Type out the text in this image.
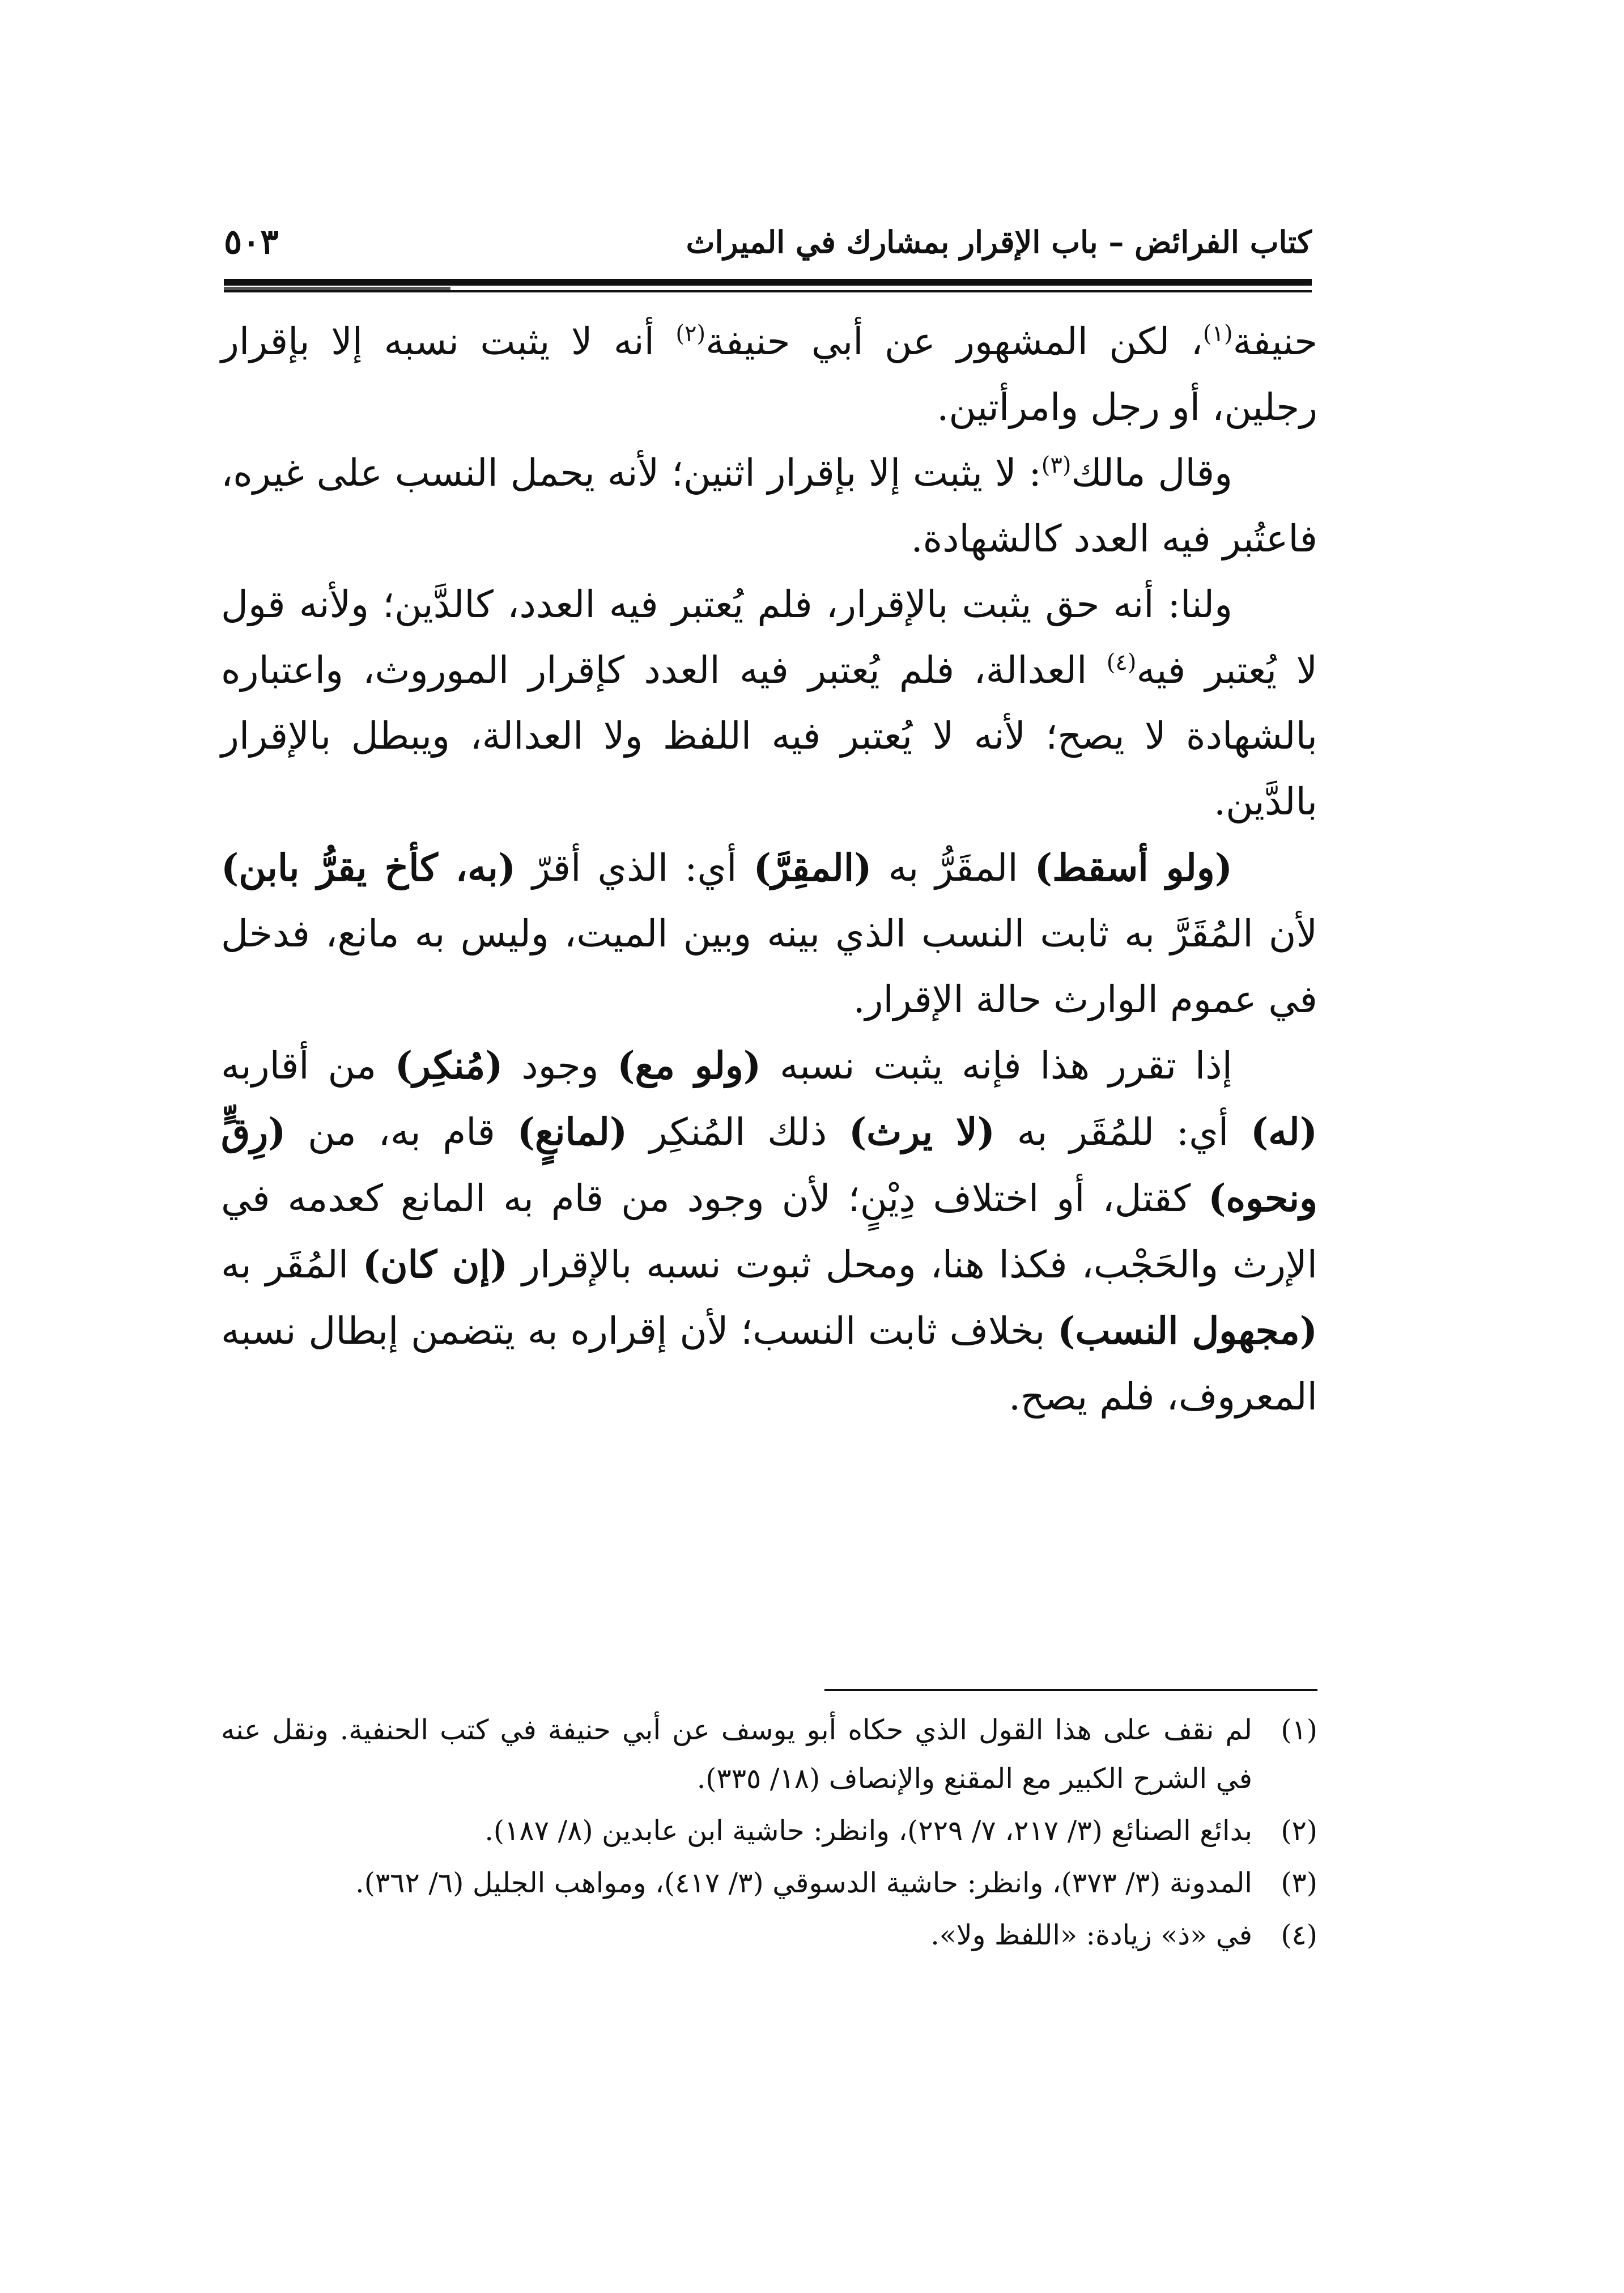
كتاب الفرائض – باب الإقرار بمشارك في الميراث
٥٠٣

حنيفة$^{(١)}$، لكن المشهور عن أبي حنيفة$^{(٢)}$ أنه لا يثبت نسبه إلا بإقرار رجلين، أو رجل وامرأتين.

وقال مالك$^{(٣)}$: لا يثبت إلا بإقرار اثنين؛ لأنه يحمل النسب على غيره، فاعتُبر فيه العدد كالشهادة.

ولنا: أنه حق يثبت بالإقرار، فلم يُعتبر فيه العدد، كالدَّين؛ ولأنه قول لا يُعتبر فيه$^{(٤)}$ العدالة، فلم يُعتبر فيه العدد كإقرار الموروث، واعتباره بالشهادة لا يصح؛ لأنه لا يُعتبر فيه اللفظ ولا العدالة، ويبطل بالإقرار بالدَّين.

(ولو أسقط) المقَرُّ به (المقِرَّ) أي: الذي أقرّ (به، كأخ يقرُّ بابن) لأن المُقَرَّ به ثابت النسب الذي بينه وبين الميت، وليس به مانع، فدخل في عموم الوارث حالة الإقرار.

إذا تقرر هذا فإنه يثبت نسبه (ولو مع) وجود (مُنكِر) من أقاربه (له) أي: للمُقَر به (لا يرث) ذلك المُنكِر (لمانعٍ) قام به، من (رِقٍّ ونحوه) كقتل، أو اختلاف دِيْنٍ؛ لأن وجود من قام به المانع كعدمه في الإرث والحَجْب، فكذا هنا، ومحل ثبوت نسبه بالإقرار (إن كان) المُقَر به (مجهول النسب) بخلاف ثابت النسب؛ لأن إقراره به يتضمن إبطال نسبه المعروف، فلم يصح.

(١)لم نقف على هذا القول الذي حكاه أبو يوسف عن أبي حنيفة في كتب الحنفية. ونقل عنه في الشرح الكبير مع المقنع والإنصاف (١٨/ ٣٣٥).

(٢)بدائع الصنائع (٣/ ٢١٧، ٧/ ٢٢٩)، وانظر: حاشية ابن عابدين (٨/ ١٨٧).

(٣)المدونة (٣/ ٣٧٣)، وانظر: حاشية الدسوقي (٣/ ٤١٧)، ومواهب الجليل (٦/ ٣٦٢).

(٤)في «ذ» زيادة: «اللفظ ولا».
